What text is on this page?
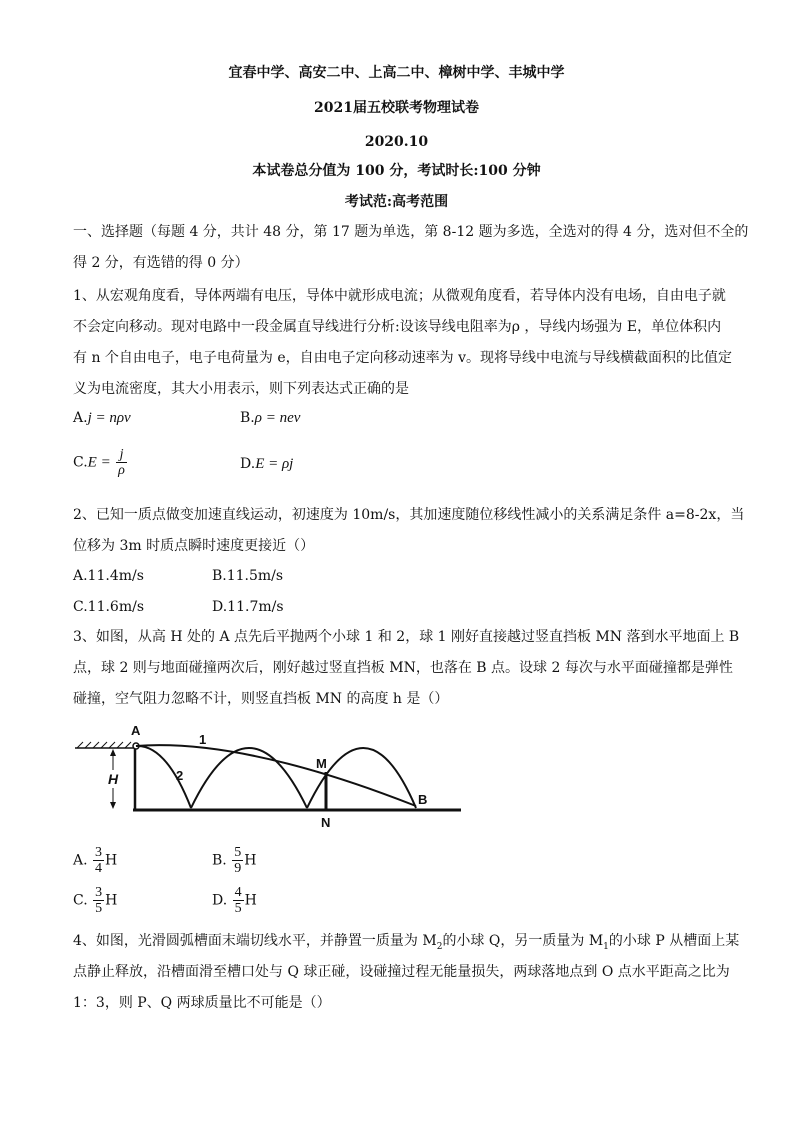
宜春中学、高安二中、上高二中、樟树中学、丰城中学
2021届五校联考物理试卷
2020.10
本试卷总分值为 100 分，考试时长:100 分钟
考试范:高考范围
一、选择题（每题 4 分，共计 48 分，第 17 题为单选，第 8-12 题为多选，全选对的得 4 分，选对但不全的
得 2 分，有选错的得 0 分）
1、从宏观角度看，导体两端有电压，导体中就形成电流；从微观角度看，若导体内没有电场，自由电子就
不会定向移动。现对电路中一段金属直导线进行分析:设该导线电阻率为ρ ，导线内场强为 E，单位体积内
有 n 个自由电子，电子电荷量为 e，自由电子定向移动速率为 v。现将导线中电流与导线横截面积的比值定
义为电流密度，其大小用表示，则下列表达式正确的是
A.j = nρv	B.ρ = nev
$C.E = \frac{j}{\rho}$	D.E = ρj
2、已知一质点做变加速直线运动，初速度为 10m/s，其加速度随位移线性减小的关系满足条件 a=8-2x，当
位移为 3m 时质点瞬时速度更接近（）
A.11.4m/s	B.11.5m/s
C.11.6m/s	D.11.7m/s
3、如图，从高 H 处的 A 点先后平抛两个小球 1 和 2，球 1 刚好直接越过竖直挡板 MN 落到水平地面上 B
点，球 2 则与地面碰撞两次后，刚好越过竖直挡板 MN，也落在 B 点。设球 2 每次与水平面碰撞都是弹性
碰撞，空气阻力忽略不计，则竖直挡板 MN 的高度 h 是（）
H
A
1
2
M
N
B
A. $\frac{3}{4}$ H	B. $\frac{5}{9}$ H
C. $\frac{3}{5}$ H	D. $\frac{4}{5}$ H
4、如图，光滑圆弧槽面末端切线水平，并静置一质量为 $M_2$的小球 Q，另一质量为 $M_1$的小球 P 从槽面上某
点静止释放，沿槽面滑至槽口处与 Q 球正碰，设碰撞过程无能量损失，两球落地点到 O 点水平距高之比为
1：3，则 P、Q 两球质量比不可能是（）
